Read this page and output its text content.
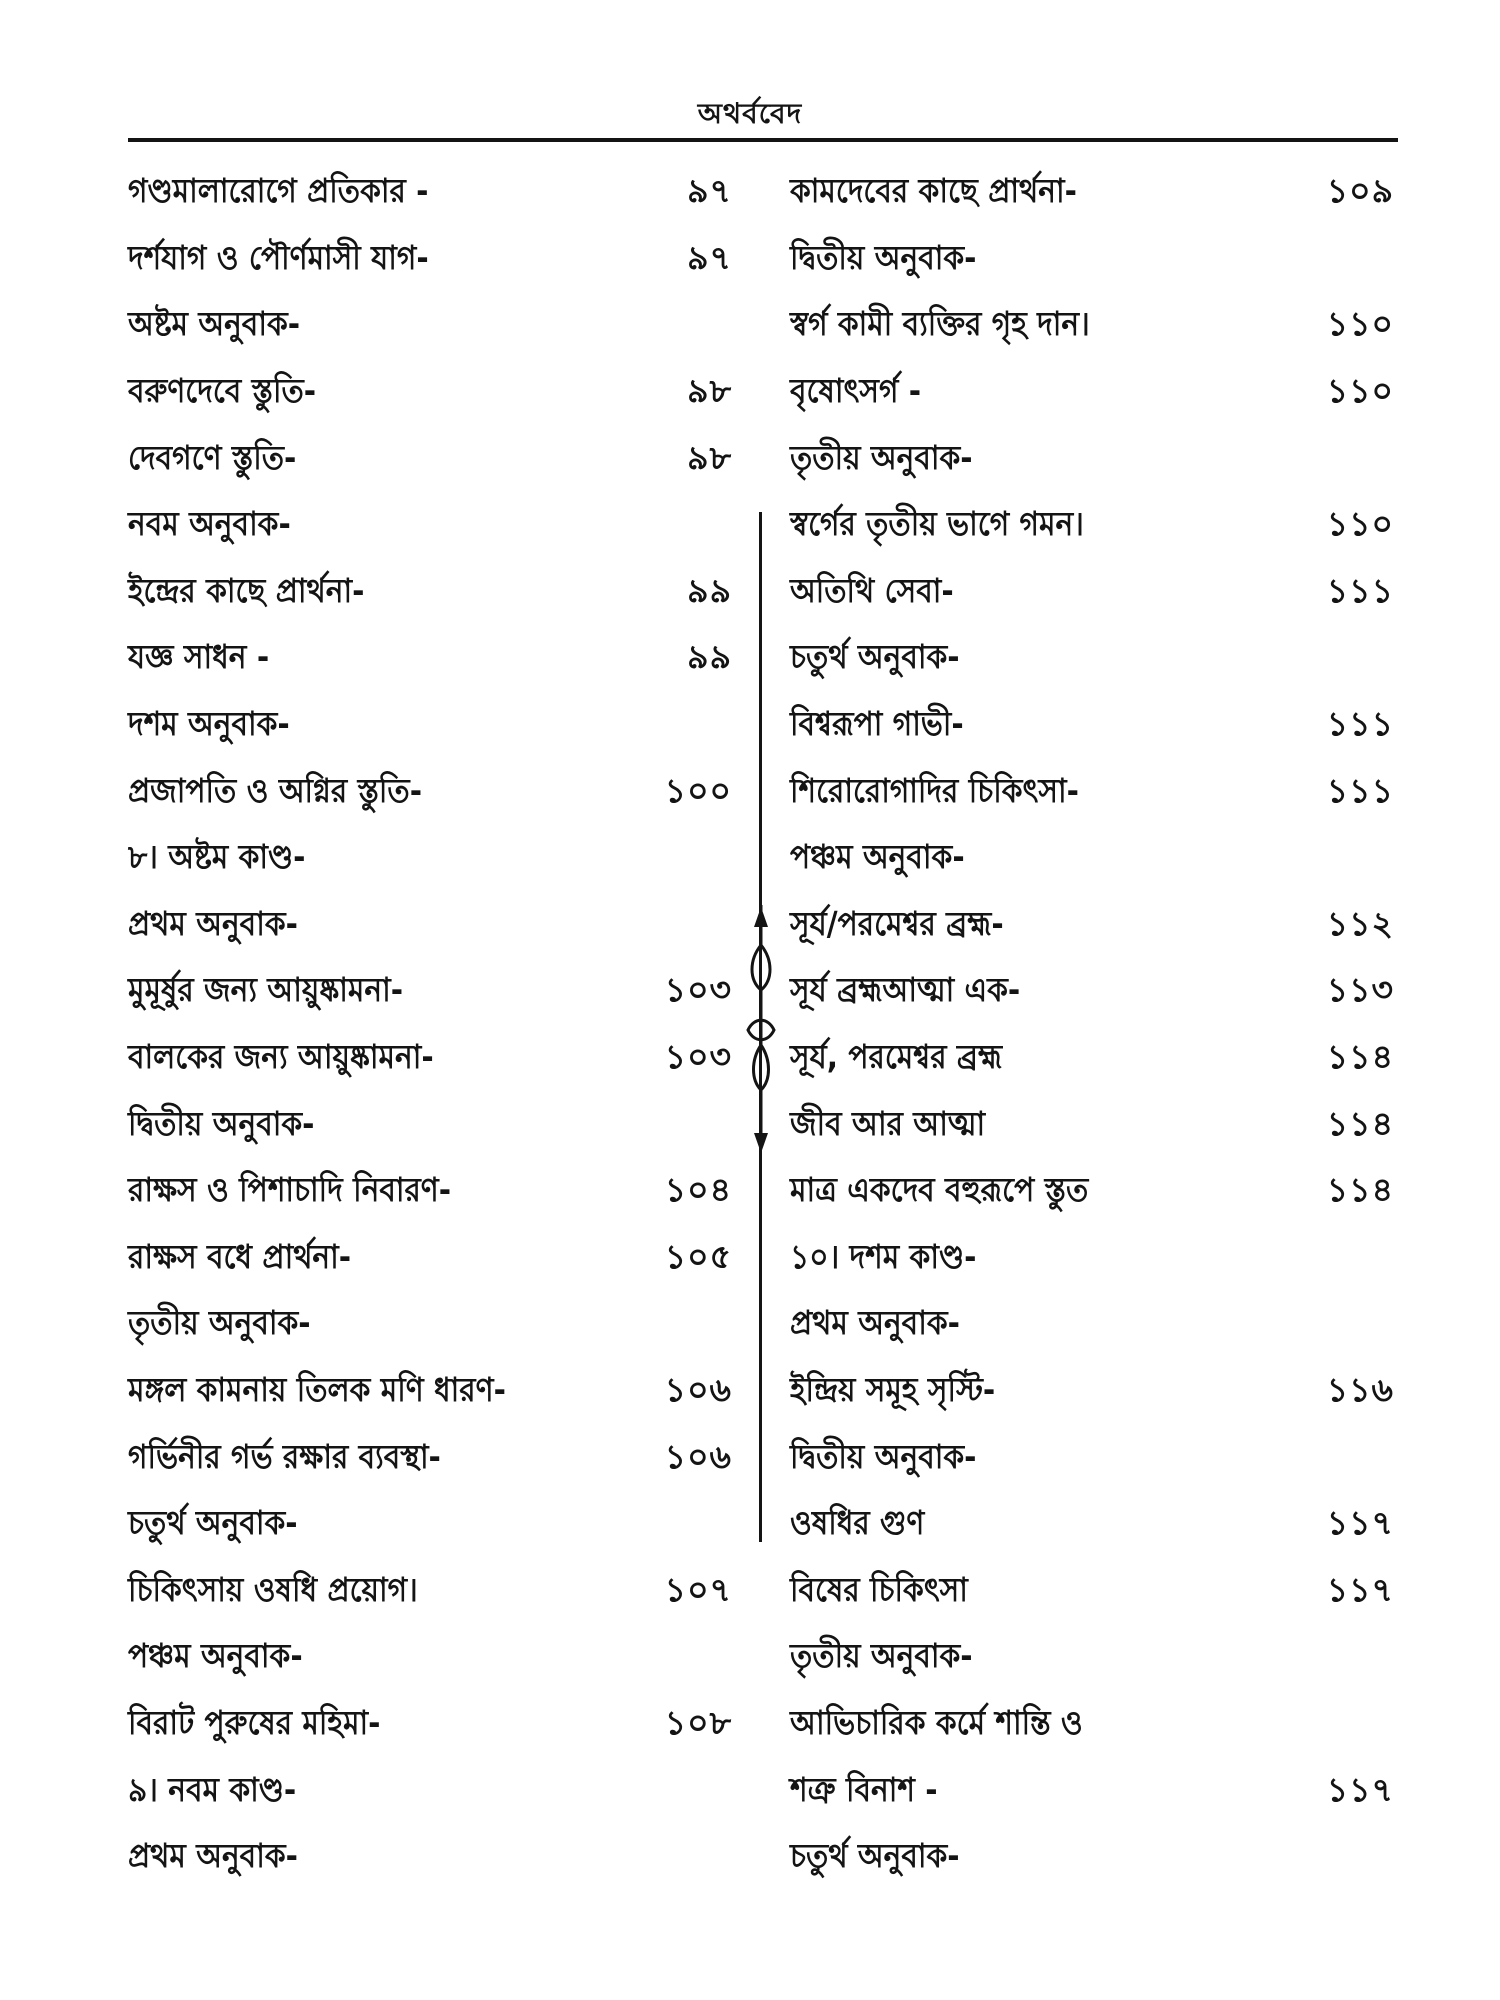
অথর্ববেদ
গণ্ডমালারোগে প্রতিকার -	৯৭
দর্শযাগ ও পৌর্ণমাসী যাগ-	৯৭
অষ্টম অনুবাক-
বরুণদেবে স্তুতি-	৯৮
দেবগণে স্তুতি-	৯৮
নবম অনুবাক-
ইন্দ্রের কাছে প্রার্থনা-	৯৯
যজ্ঞ সাধন -	৯৯
দশম অনুবাক-
প্রজাপতি ও অগ্নির স্তুতি-	১০০
৮। অষ্টম কাণ্ড-
প্রথম অনুবাক-
মুমূর্ষুর জন্য আয়ুষ্কামনা-	১০৩
বালকের জন্য আয়ুষ্কামনা-	১০৩
দ্বিতীয় অনুবাক-
রাক্ষস ও পিশাচাদি নিবারণ-	১০৪
রাক্ষস বধে প্রার্থনা-	১০৫
তৃতীয় অনুবাক-
মঙ্গল কামনায় তিলক মণি ধারণ-	১০৬
গর্ভিনীর গর্ভ রক্ষার ব্যবস্থা-	১০৬
চতুর্থ অনুবাক-
চিকিৎসায় ওষধি প্রয়োগ।	১০৭
পঞ্চম অনুবাক-
বিরাট পুরুষের মহিমা-	১০৮
৯। নবম কাণ্ড-
প্রথম অনুবাক-
কামদেবের কাছে প্রার্থনা-	১০৯
দ্বিতীয় অনুবাক-
স্বর্গ কামী ব্যক্তির গৃহ দান।	১১০
বৃষোৎসর্গ -	১১০
তৃতীয় অনুবাক-
স্বর্গের তৃতীয় ভাগে গমন।	১১০
অতিথি সেবা-	১১১
চতুর্থ অনুবাক-
বিশ্বরূপা গাভী-	১১১
শিরোরোগাদির চিকিৎসা-	১১১
পঞ্চম অনুবাক-
সূর্য/পরমেশ্বর ব্রহ্ম-	১১২
সূর্য ব্রহ্মআত্মা এক-	১১৩
সূর্য, পরমেশ্বর ব্রহ্ম	১১৪
জীব আর আত্মা	১১৪
মাত্র একদেব বহুরূপে স্তুত	১১৪
১০। দশম কাণ্ড-
প্রথম অনুবাক-
ইন্দ্রিয় সমূহ সৃস্টি-	১১৬
দ্বিতীয় অনুবাক-
ওষধির গুণ	১১৭
বিষের চিকিৎসা	১১৭
তৃতীয় অনুবাক-
আভিচারিক কর্মে শান্তি ও
শত্রু বিনাশ -	১১৭
চতুর্থ অনুবাক-
